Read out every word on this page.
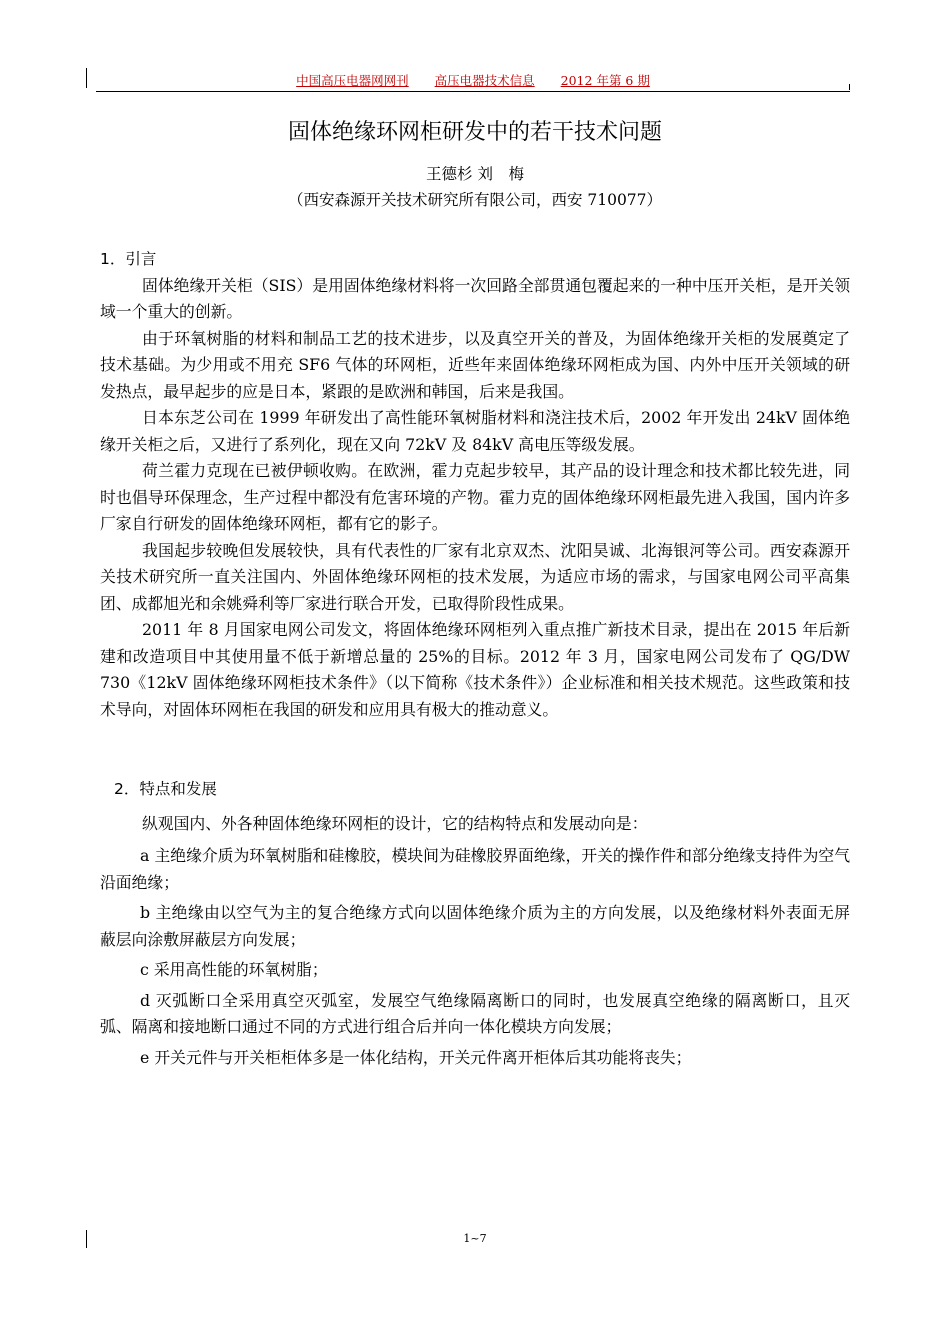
中国高压电器网网刊 高压电器技术信息 2012 年第 6 期
固体绝缘环网柜研发中的若干技术问题
王德杉 刘　梅
（西安森源开关技术研究所有限公司，西安 710077）

1．引言

固体绝缘开关柜（SIS）是用固体绝缘材料将一次回路全部贯通包覆起来的一种中压开关柜，是开关领域一个重大的创新。

由于环氧树脂的材料和制品工艺的技术进步，以及真空开关的普及，为固体绝缘开关柜的发展奠定了技术基础。为少用或不用充 SF6 气体的环网柜，近些年来固体绝缘环网柜成为国、内外中压开关领域的研发热点，最早起步的应是日本，紧跟的是欧洲和韩国，后来是我国。

日本东芝公司在 1999 年研发出了高性能环氧树脂材料和浇注技术后，2002 年开发出 24kV 固体绝缘开关柜之后，又进行了系列化，现在又向 72kV 及 84kV 高电压等级发展。

荷兰霍力克现在已被伊顿收购。在欧洲，霍力克起步较早，其产品的设计理念和技术都比较先进，同时也倡导环保理念，生产过程中都没有危害环境的产物。霍力克的固体绝缘环网柜最先进入我国，国内许多厂家自行研发的固体绝缘环网柜，都有它的影子。

我国起步较晚但发展较快，具有代表性的厂家有北京双杰、沈阳昊诚、北海银河等公司。西安森源开关技术研究所一直关注国内、外固体绝缘环网柜的技术发展，为适应市场的需求，与国家电网公司平高集团、成都旭光和余姚舜利等厂家进行联合开发，已取得阶段性成果。

2011 年 8 月国家电网公司发文，将固体绝缘环网柜列入重点推广新技术目录，提出在 2015 年后新建和改造项目中其使用量不低于新增总量的 25%的目标。2012 年 3 月，国家电网公司发布了 QG/DW 730《12kV 固体绝缘环网柜技术条件》（以下简称《技术条件》）企业标准和相关技术规范。这些政策和技术导向，对固体环网柜在我国的研发和应用具有极大的推动意义。

2．特点和发展

纵观国内、外各种固体绝缘环网柜的设计，它的结构特点和发展动向是：

a 主绝缘介质为环氧树脂和硅橡胶，模块间为硅橡胶界面绝缘，开关的操作件和部分绝缘支持件为空气沿面绝缘；

b 主绝缘由以空气为主的复合绝缘方式向以固体绝缘介质为主的方向发展，以及绝缘材料外表面无屏蔽层向涂敷屏蔽层方向发展；

c 采用高性能的环氧树脂；

d 灭弧断口全采用真空灭弧室，发展空气绝缘隔离断口的同时，也发展真空绝缘的隔离断口，且灭弧、隔离和接地断口通过不同的方式进行组合后并向一体化模块方向发展；

e 开关元件与开关柜柜体多是一体化结构，开关元件离开柜体后其功能将丧失；

1~7
